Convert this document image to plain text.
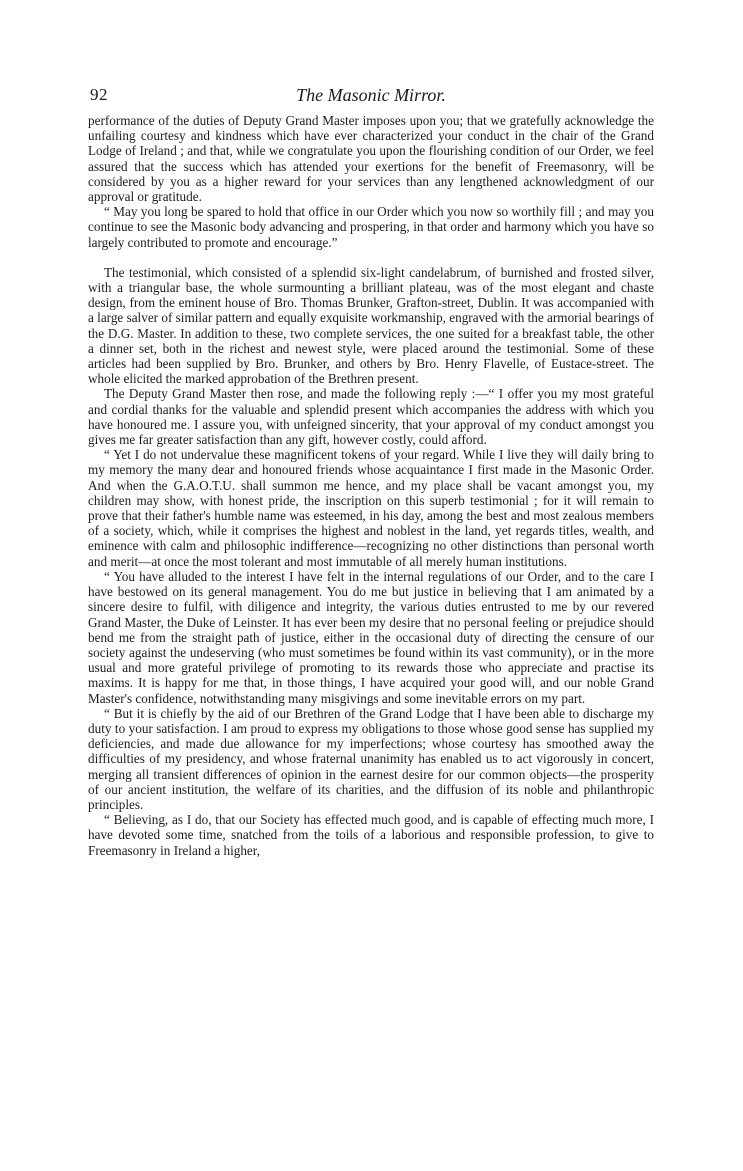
92	The Masonic Mirror.

performance of the duties of Deputy Grand Master imposes upon you; that we gratefully acknowledge the unfailing courtesy and kindness which have ever characterized your conduct in the chair of the Grand Lodge of Ireland ; and that, while we congratulate you upon the flourishing condition of our Order, we feel assured that the success which has attended your exertions for the benefit of Freemasonry, will be considered by you as a higher reward for your services than any lengthened acknowledgment of our approval or gratitude.

“ May you long be spared to hold that office in our Order which you now so worthily fill ; and may you continue to see the Masonic body advancing and prospering, in that order and harmony which you have so largely contributed to promote and encourage.”

The testimonial, which consisted of a splendid six-light candelabrum, of burnished and frosted silver, with a triangular base, the whole surmounting a brilliant plateau, was of the most elegant and chaste design, from the eminent house of Bro. Thomas Brunker, Grafton-street, Dublin. It was accompanied with a large salver of similar pattern and equally exquisite workmanship, engraved with the armorial bearings of the D.G. Master. In addition to these, two complete services, the one suited for a breakfast table, the other a dinner set, both in the richest and newest style, were placed around the testimonial. Some of these articles had been supplied by Bro. Brunker, and others by Bro. Henry Flavelle, of Eustace-street. The whole elicited the marked approbation of the Brethren present.

The Deputy Grand Master then rose, and made the following reply :—“ I offer you my most grateful and cordial thanks for the valuable and splendid present which accompanies the address with which you have honoured me. I assure you, with unfeigned sincerity, that your approval of my conduct amongst you gives me far greater satisfaction than any gift, however costly, could afford.

“ Yet I do not undervalue these magnificent tokens of your regard. While I live they will daily bring to my memory the many dear and honoured friends whose acquaintance I first made in the Masonic Order. And when the G.A.O.T.U. shall summon me hence, and my place shall be vacant amongst you, my children may show, with honest pride, the inscription on this superb testimonial ; for it will remain to prove that their father's humble name was esteemed, in his day, among the best and most zealous members of a society, which, while it comprises the highest and noblest in the land, yet regards titles, wealth, and eminence with calm and philosophic indifference—recognizing no other distinctions than personal worth and merit—at once the most tolerant and most immutable of all merely human institutions.

“ You have alluded to the interest I have felt in the internal regulations of our Order, and to the care I have bestowed on its general management. You do me but justice in believing that I am animated by a sincere desire to fulfil, with diligence and integrity, the various duties entrusted to me by our revered Grand Master, the Duke of Leinster. It has ever been my desire that no personal feeling or prejudice should bend me from the straight path of justice, either in the occasional duty of directing the censure of our society against the undeserving (who must sometimes be found within its vast community), or in the more usual and more grateful privilege of promoting to its rewards those who appreciate and practise its maxims. It is happy for me that, in those things, I have acquired your good will, and our noble Grand Master's confidence, notwithstanding many misgivings and some inevitable errors on my part.

“ But it is chiefly by the aid of our Brethren of the Grand Lodge that I have been able to discharge my duty to your satisfaction. I am proud to express my obligations to those whose good sense has supplied my deficiencies, and made due allowance for my imperfections; whose courtesy has smoothed away the difficulties of my presidency, and whose fraternal unanimity has enabled us to act vigorously in concert, merging all transient differences of opinion in the earnest desire for our common objects—the prosperity of our ancient institution, the welfare of its charities, and the diffusion of its noble and philanthropic principles.

“ Believing, as I do, that our Society has effected much good, and is capable of effecting much more, I have devoted some time, snatched from the toils of a laborious and responsible profession, to give to Freemasonry in Ireland a higher,
